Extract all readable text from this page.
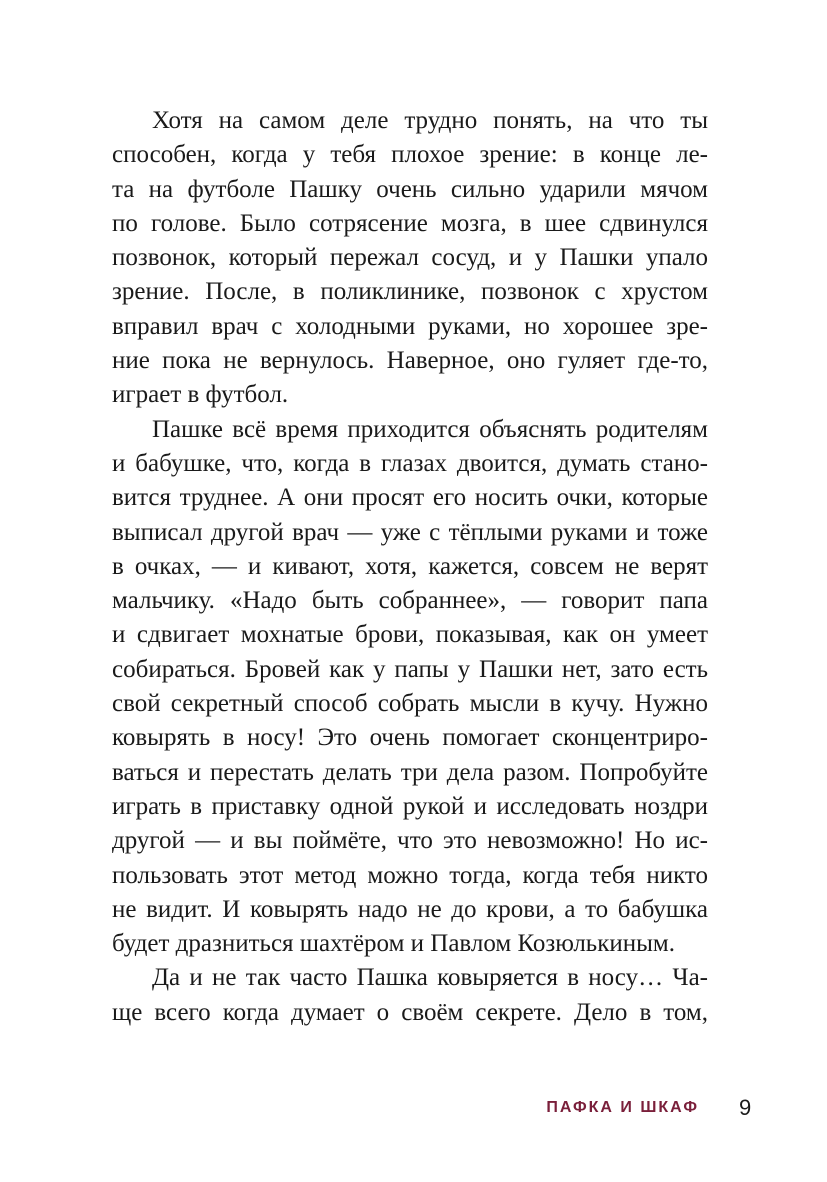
Хотя на самом деле трудно понять, на что ты
способен, когда у тебя плохое зрение: в конце ле-
та на футболе Пашку очень сильно ударили мячом
по голове. Было сотрясение мозга, в шее сдвинулся
позвонок, который пережал сосуд, и у Пашки упало
зрение. После, в поликлинике, позвонок с хрустом
вправил врач с холодными руками, но хорошее зре-
ние пока не вернулось. Наверное, оно гуляет где-то,
играет в футбол.
Пашке всё время приходится объяснять родителям
и бабушке, что, когда в глазах двоится, думать стано-
вится труднее. А они просят его носить очки, которые
выписал другой врач — уже с тёплыми руками и тоже
в очках, — и кивают, хотя, кажется, совсем не верят
мальчику. «Надо быть собраннее», — говорит папа
и сдвигает мохнатые брови, показывая, как он умеет
собираться. Бровей как у папы у Пашки нет, зато есть
свой секретный способ собрать мысли в кучу. Нужно
ковырять в носу! Это очень помогает сконцентриро-
ваться и перестать делать три дела разом. Попробуйте
играть в приставку одной рукой и исследовать ноздри
другой — и вы поймёте, что это невозможно! Но ис-
пользовать этот метод можно тогда, когда тебя никто
не видит. И ковырять надо не до крови, а то бабушка
будет дразниться шахтёром и Павлом Козюлькиным.
Да и не так часто Пашка ковыряется в носу… Ча-
ще всего когда думает о своём секрете. Дело в том,
ПАФКА И ШКАФ 9
